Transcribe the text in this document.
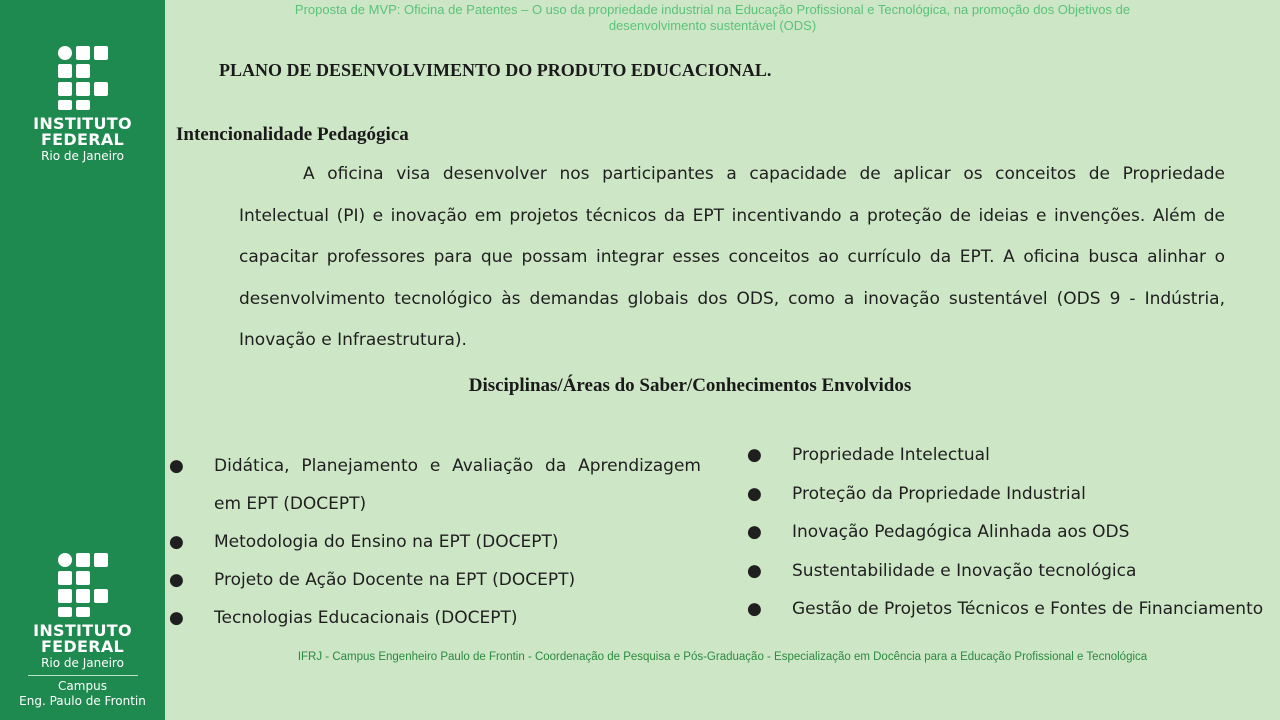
INSTITUTO
FEDERAL
Rio de Janeiro
INSTITUTO
FEDERAL
Rio de Janeiro
Campus
Eng. Paulo de Frontin
Proposta de MVP: Oficina de Patentes – O uso da propriedade industrial na Educação Profissional e Tecnológica, na promoção dos Objetivos de desenvolvimento sustentável (ODS)
PLANO DE DESENVOLVIMENTO DO PRODUTO EDUCACIONAL.
Intencionalidade Pedagógica

A oficina visa desenvolver nos participantes a capacidade de aplicar os conceitos de Propriedade Intelectual (PI) e inovação em projetos técnicos da EPT incentivando a proteção de ideias e invenções. Além de capacitar professores para que possam integrar esses conceitos ao currículo da EPT. A oficina busca alinhar o desenvolvimento tecnológico às demandas globais dos ODS, como a inovação sustentável (ODS 9 - Indústria, Inovação e Infraestrutura).

Disciplinas/Áreas do Saber/Conhecimentos Envolvidos
● Didática, Planejamento e Avaliação da Aprendizagem em EPT (DOCEPT)
● Metodologia do Ensino na EPT (DOCEPT)
● Projeto de Ação Docente na EPT (DOCEPT)
● Tecnologias Educacionais (DOCEPT)
● Propriedade Intelectual
● Proteção da Propriedade Industrial
● Inovação Pedagógica Alinhada aos ODS
● Sustentabilidade e Inovação tecnológica
● Gestão de Projetos Técnicos e Fontes de Financiamento
IFRJ - Campus Engenheiro Paulo de Frontin - Coordenação de Pesquisa e Pós-Graduação - Especialização em Docência para a Educação Profissional e Tecnológica
